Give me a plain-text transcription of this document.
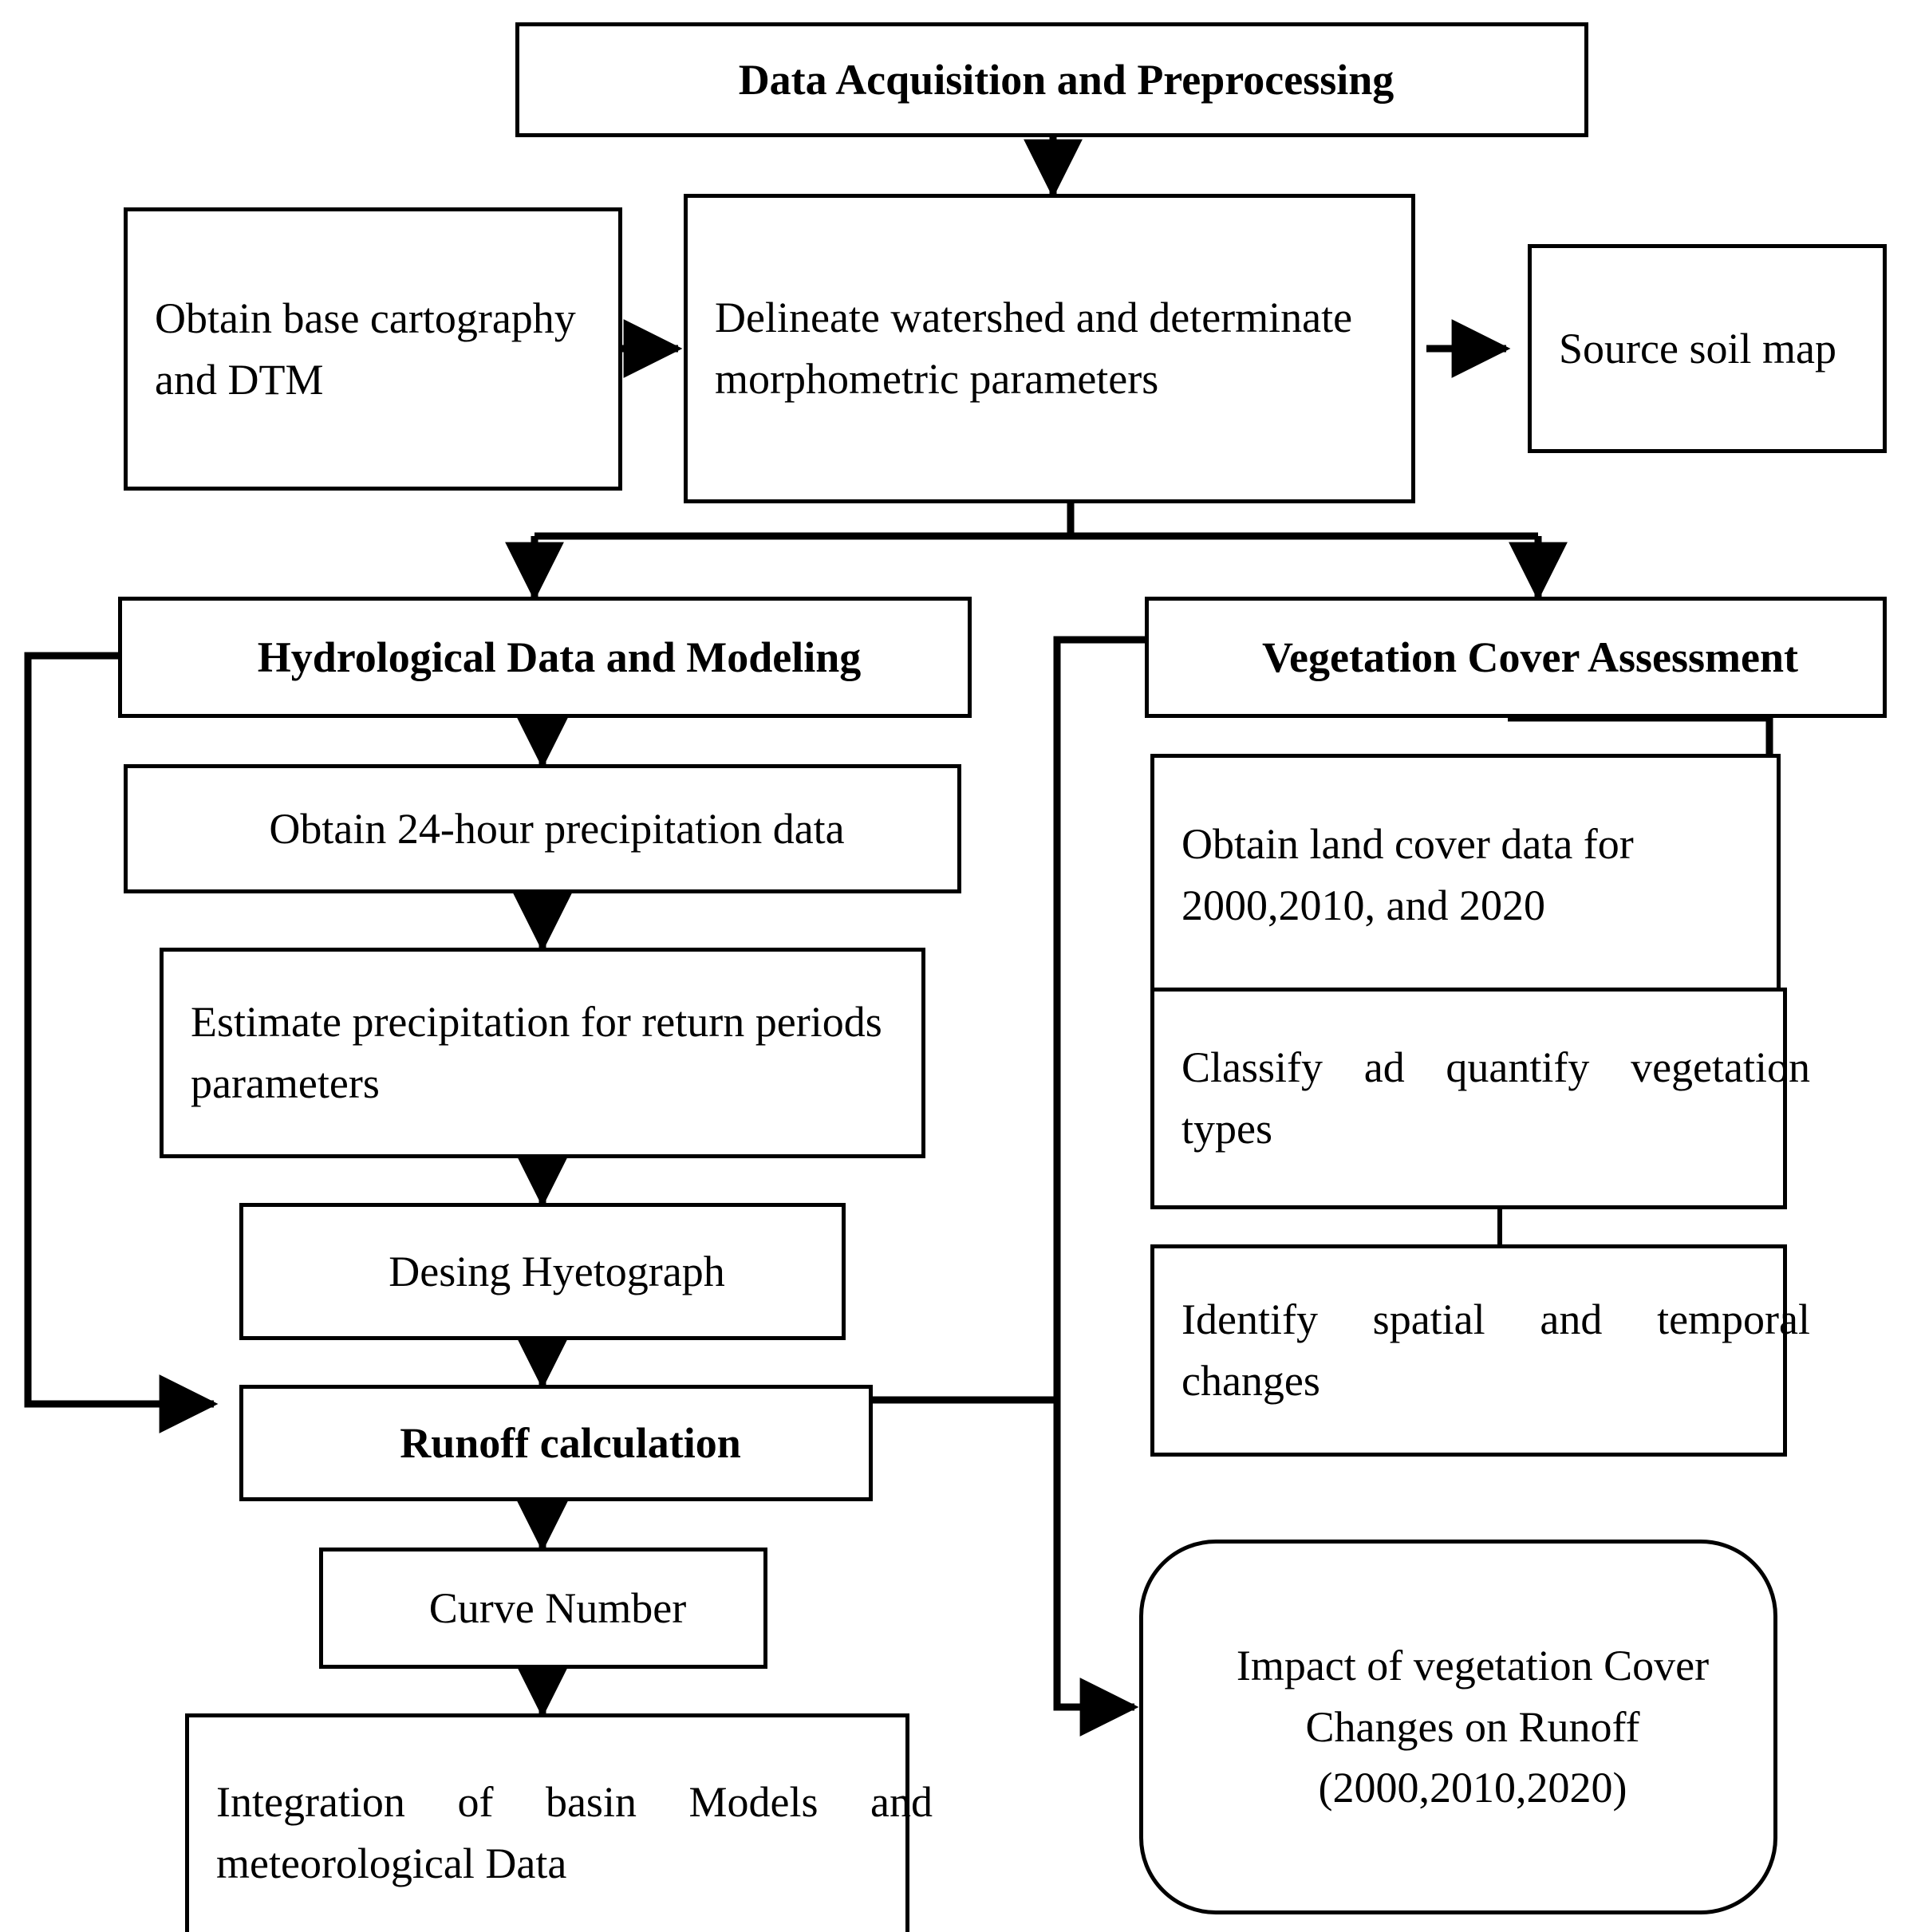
Data Acquisition and Preprocessing
Obtain base cartography and DTM
Delineate watershed and determinate morphometric parameters
Source soil map
Hydrological Data and Modeling	Vegetation Cover Assessment
Obtain 24-hour precipitation data
Estimate precipitation for return periods parameters
Desing Hyetograph
Runoff calculation
Curve Number
Integration of basin Models and meteorological Data
Obtain land cover data for 2000,2010, and 2020
Classify ad quantify vegetation types
Identify spatial and temporal changes
Impact of vegetation Cover Changes on Runoff (2000,2010,2020)
